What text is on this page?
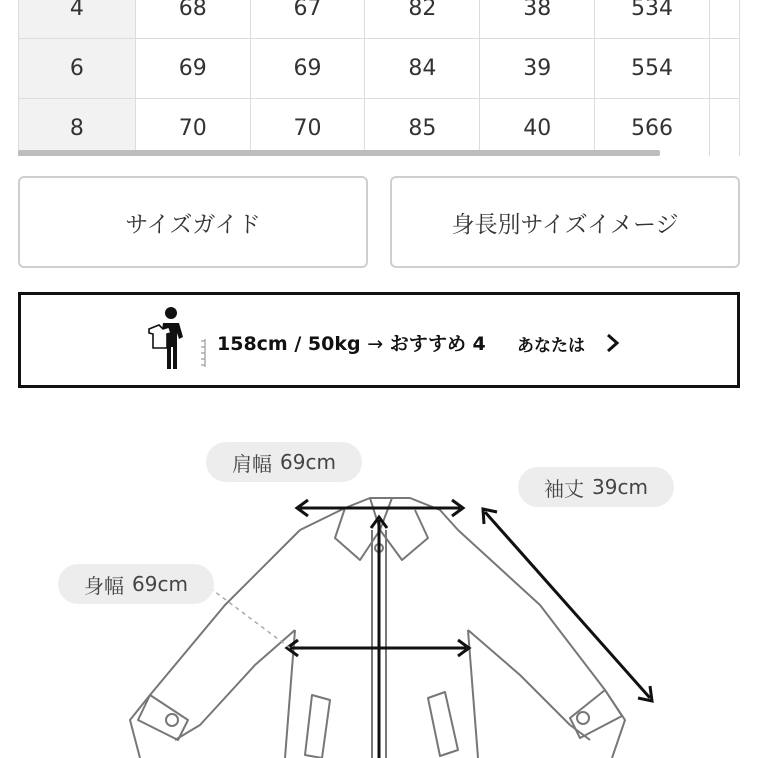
4	68	67	82	38	534	
6	69	69	84	39	554	
8	70	70	85	40	566	
サイズガイド	身長別サイズイメージ
158cm / 50kg → おすすめ 4 あなたは
肩幅 69cm
袖丈 39cm
身幅 69cm
